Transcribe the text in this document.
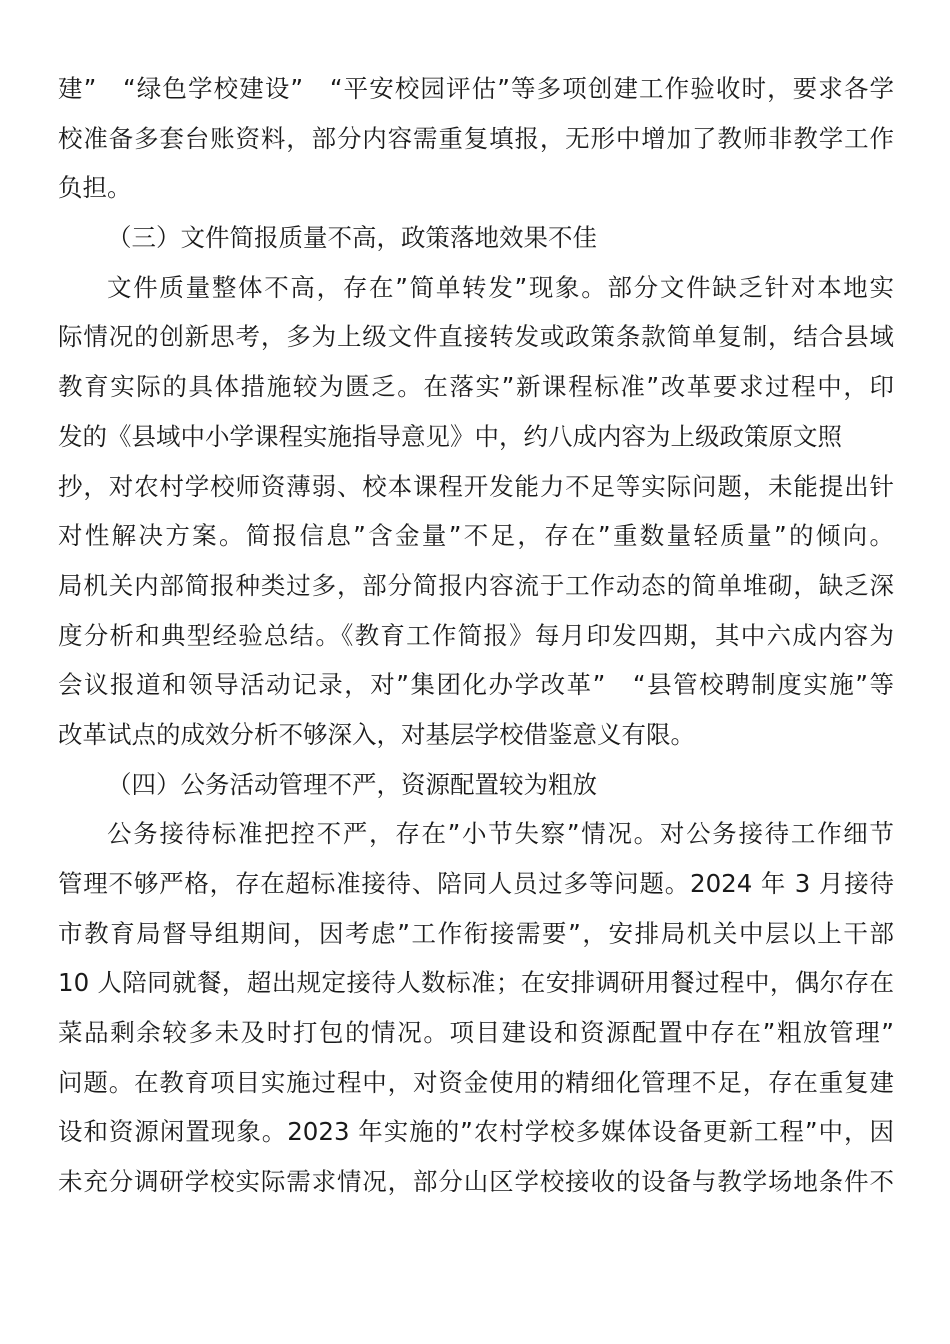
建”　“绿色学校建设”　“平安校园评估”等多项创建工作验收时，要求各学
校准备多套台账资料，部分内容需重复填报，无形中增加了教师非教学工作
负担。
（三）文件简报质量不高，政策落地效果不佳
文件质量整体不高，存在”简单转发”现象。部分文件缺乏针对本地实
际情况的创新思考，多为上级文件直接转发或政策条款简单复制，结合县域
教育实际的具体措施较为匮乏。在落实”新课程标准”改革要求过程中，印
发的《县域中小学课程实施指导意见》中，约八成内容为上级政策原文照
抄，对农村学校师资薄弱、校本课程开发能力不足等实际问题，未能提出针
对性解决方案。简报信息”含金量”不足，存在”重数量轻质量”的倾向。
局机关内部简报种类过多，部分简报内容流于工作动态的简单堆砌，缺乏深
度分析和典型经验总结。《教育工作简报》每月印发四期，其中六成内容为
会议报道和领导活动记录，对”集团化办学改革”　“县管校聘制度实施”等
改革试点的成效分析不够深入，对基层学校借鉴意义有限。
（四）公务活动管理不严，资源配置较为粗放
公务接待标准把控不严，存在”小节失察”情况。对公务接待工作细节
管理不够严格，存在超标准接待、陪同人员过多等问题。2024 年 3 月接待
市教育局督导组期间，因考虑”工作衔接需要”，安排局机关中层以上干部
10 人陪同就餐，超出规定接待人数标准；在安排调研用餐过程中，偶尔存在
菜品剩余较多未及时打包的情况。项目建设和资源配置中存在”粗放管理”
问题。在教育项目实施过程中，对资金使用的精细化管理不足，存在重复建
设和资源闲置现象。2023 年实施的”农村学校多媒体设备更新工程”中，因
未充分调研学校实际需求情况，部分山区学校接收的设备与教学场地条件不
